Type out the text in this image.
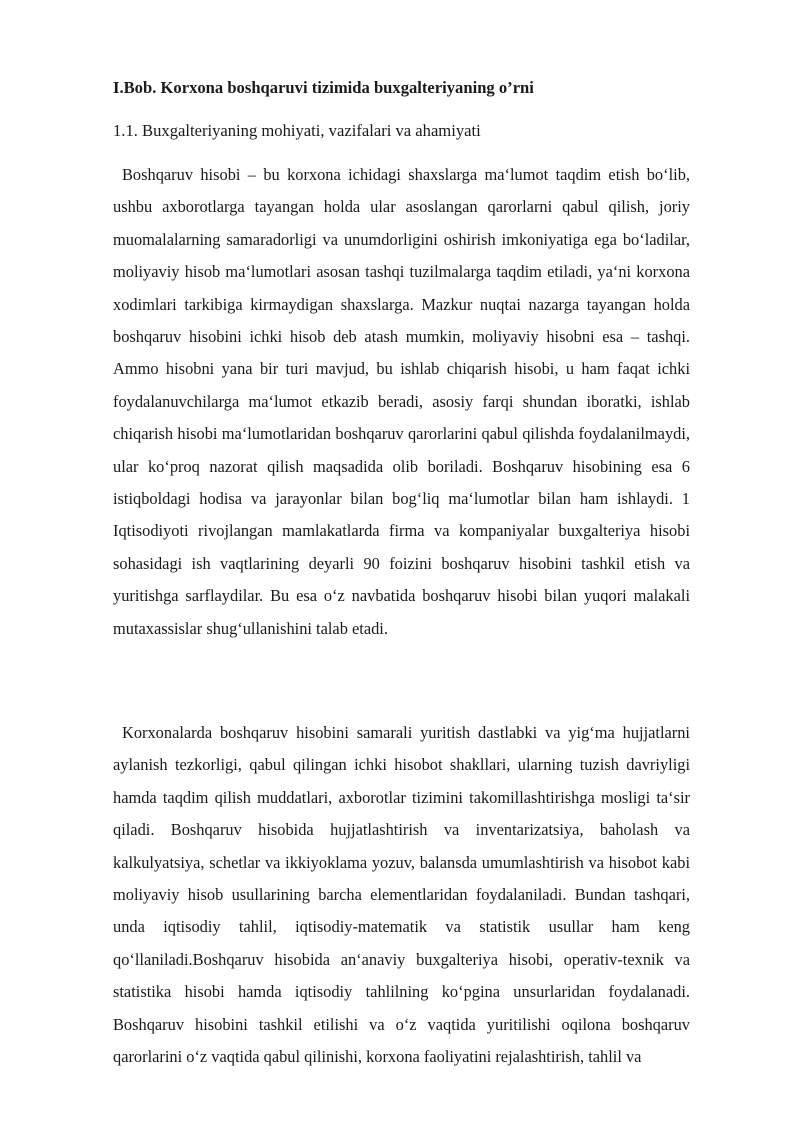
I.Bob. Korxona boshqaruvi tizimida buxgalteriyaning o’rni
1.1. Buxgalteriyaning mohiyati, vazifalari va ahamiyati

Boshqaruv hisobi – bu korxona ichidagi shaxslarga maʻlumot taqdim etish boʻlib, ushbu axborotlarga tayangan holda ular asoslangan qarorlarni qabul qilish, joriy muomalalarning samaradorligi va unumdorligini oshirish imkoniyatiga ega boʻladilar, moliyaviy hisob maʻlumotlari asosan tashqi tuzilmalarga taqdim etiladi, yaʻni korxona xodimlari tarkibiga kirmaydigan shaxslarga. Mazkur nuqtai nazarga tayangan holda boshqaruv hisobini ichki hisob deb atash mumkin, moliyaviy hisobni esa – tashqi. Ammo hisobni yana bir turi mavjud, bu ishlab chiqarish hisobi, u ham faqat ichki foydalanuvchilarga maʻlumot etkazib beradi, asosiy farqi shundan iboratki, ishlab chiqarish hisobi maʻlumotlaridan boshqaruv qarorlarini qabul qilishda foydalanilmaydi, ular koʻproq nazorat qilish maqsadida olib boriladi. Boshqaruv hisobining esa 6 istiqboldagi hodisa va jarayonlar bilan bogʻliq maʻlumotlar bilan ham ishlaydi. 1 Iqtisodiyoti rivojlangan mamlakatlarda firma va kompaniyalar buxgalteriya hisobi sohasidagi ish vaqtlarining deyarli 90 foizini boshqaruv hisobini tashkil etish va yuritishga sarflaydilar. Bu esa oʻz navbatida boshqaruv hisobi bilan yuqori malakali mutaxassislar shugʻullanishini talab etadi.

Korxonalarda boshqaruv hisobini samarali yuritish dastlabki va yigʻma hujjatlarni aylanish tezkorligi, qabul qilingan ichki hisobot shakllari, ularning tuzish davriyligi hamda taqdim qilish muddatlari, axborotlar tizimini takomillashtirishga mosligi taʻsir qiladi. Boshqaruv hisobida hujjatlashtirish va inventarizatsiya, baholash va kalkulyatsiya, schetlar va ikkiyoklama yozuv, balansda umumlashtirish va hisobot kabi moliyaviy hisob usullarining barcha elementlaridan foydalaniladi. Bundan tashqari, unda iqtisodiy tahlil, iqtisodiy-matematik va statistik usullar ham keng qoʻllaniladi.Boshqaruv hisobida anʻanaviy buxgalteriya hisobi, operativ-texnik va statistika hisobi hamda iqtisodiy tahlilning koʻpgina unsurlaridan foydalanadi. Boshqaruv hisobini tashkil etilishi va oʻz vaqtida yuritilishi oqilona boshqaruv qarorlarini oʻz vaqtida qabul qilinishi, korxona faoliyatini rejalashtirish, tahlil va
